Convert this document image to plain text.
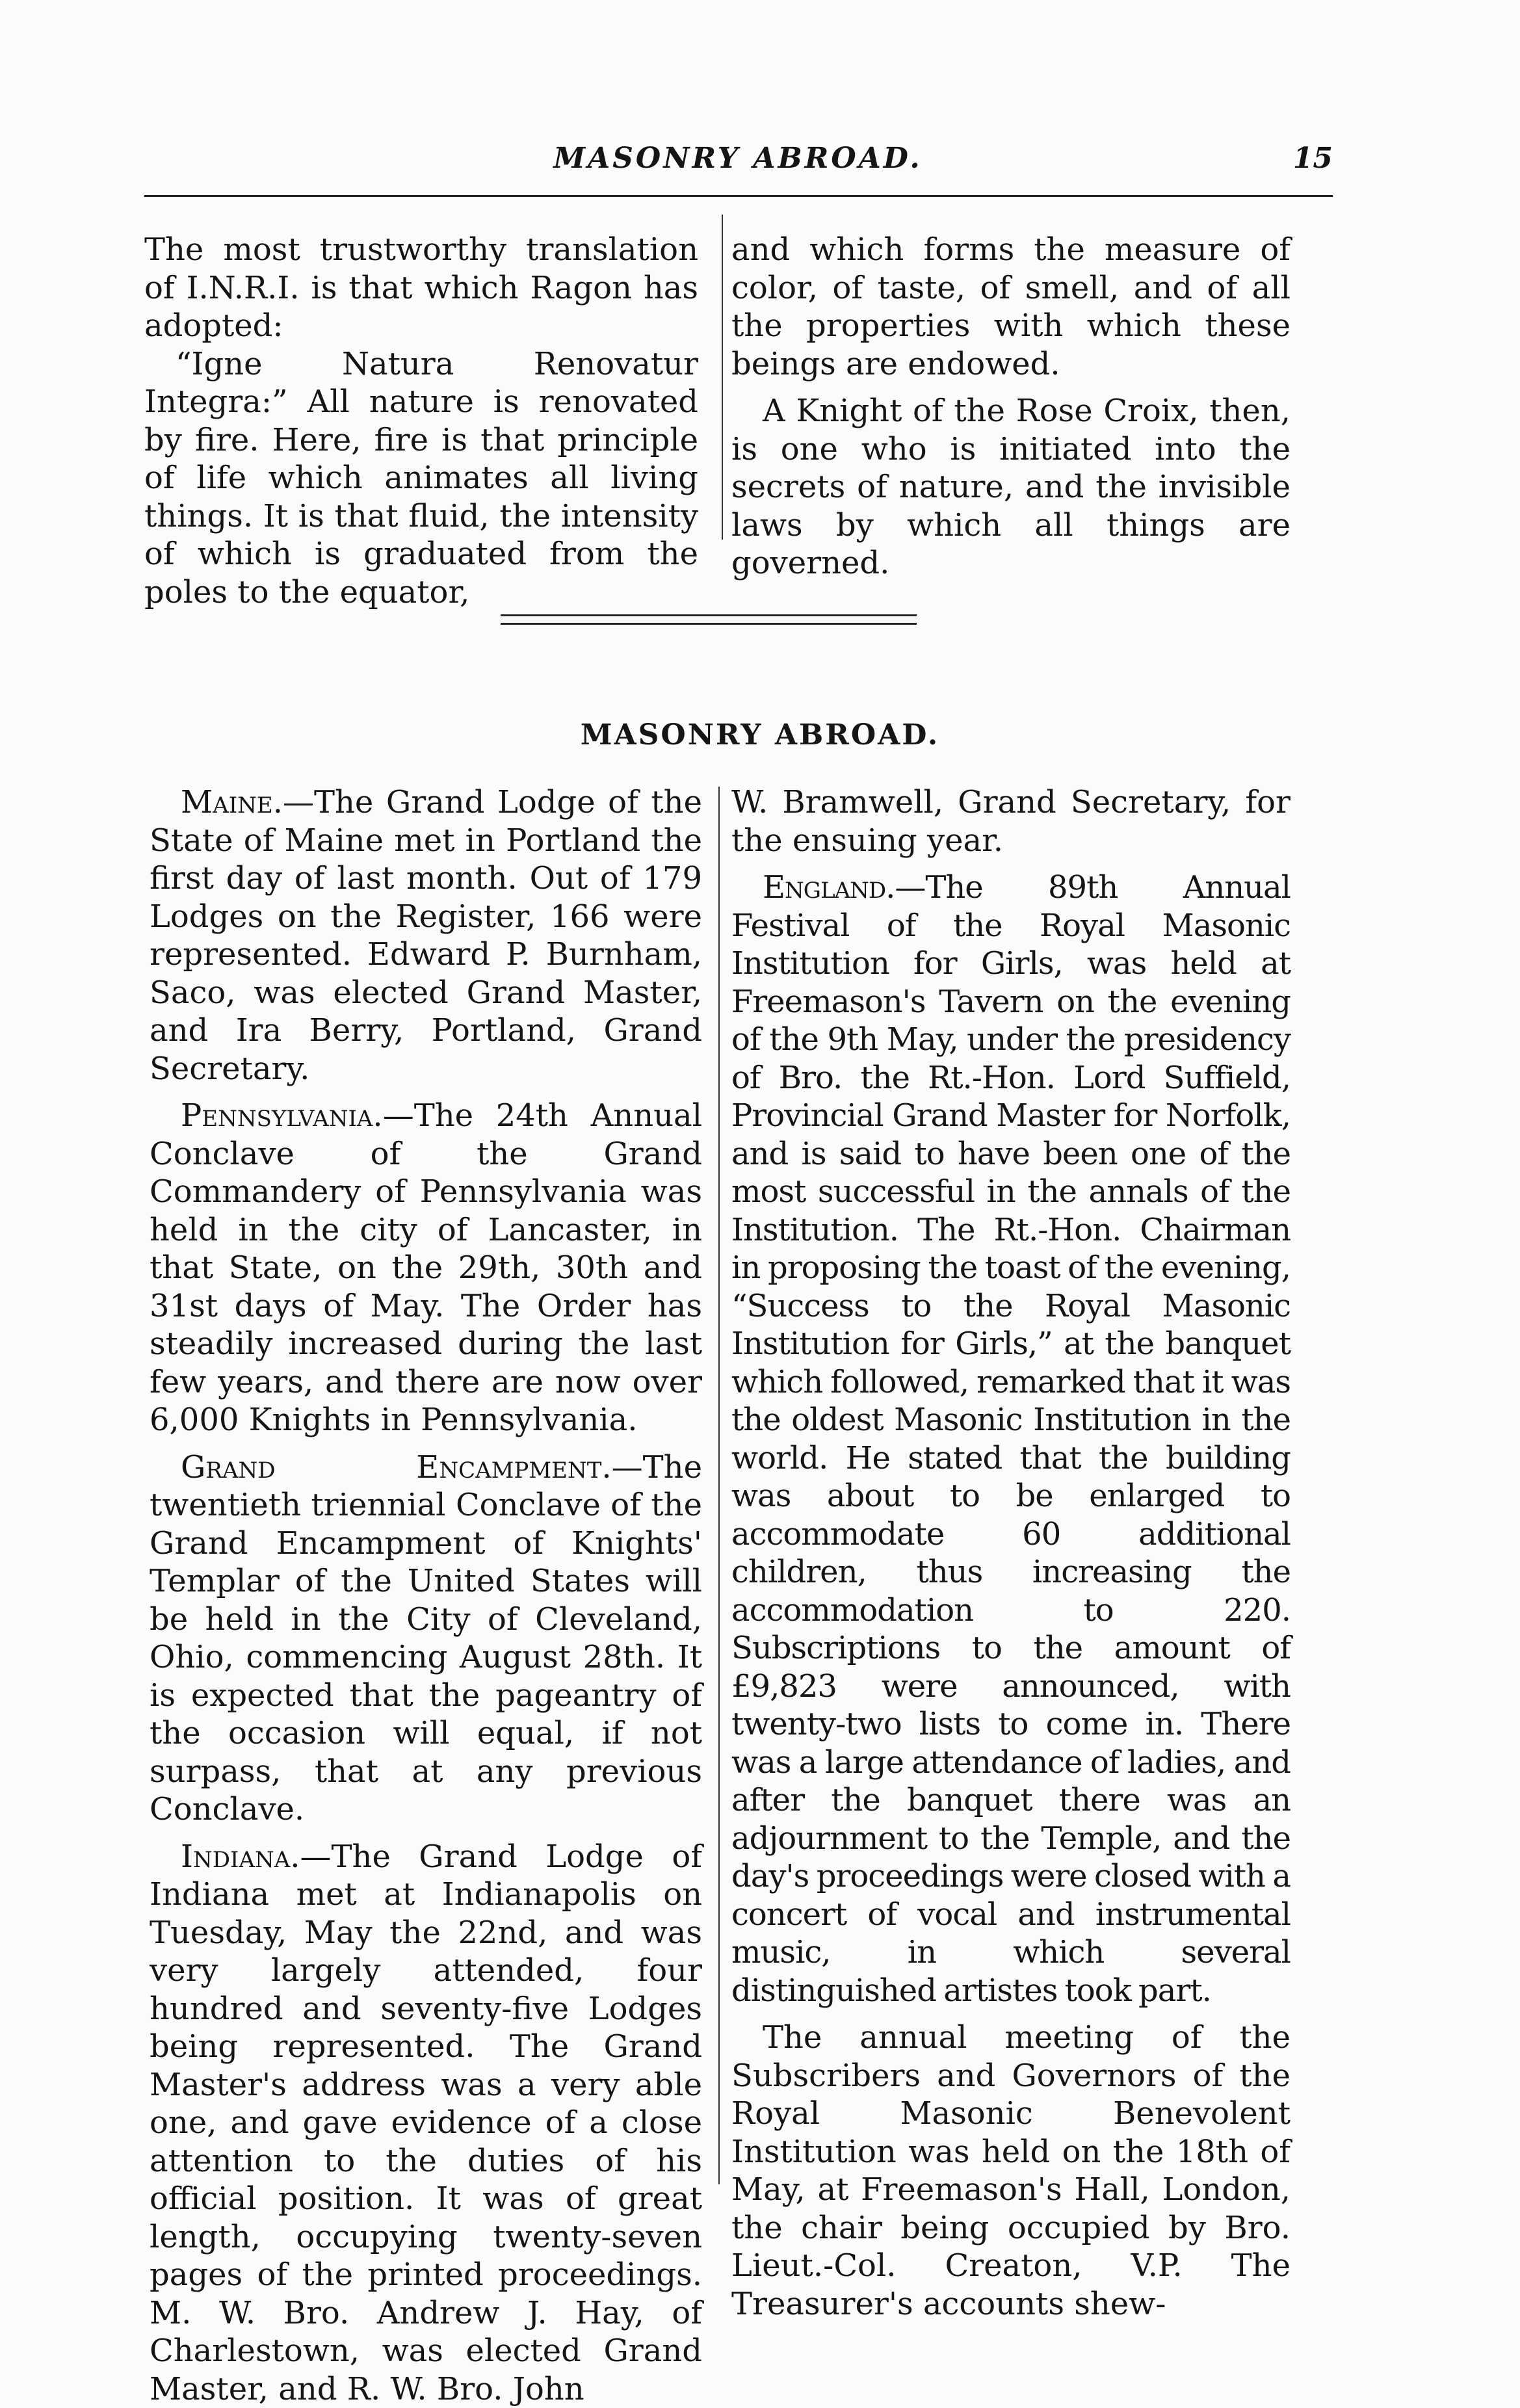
MASONRY ABROAD.	15

The most trustworthy translation of I.N.R.I. is that which Ragon has adopted:

“Igne Natura Renovatur Integra:” All nature is renovated by fire. Here, fire is that principle of life which animates all living things. It is that fluid, the intensity of which is graduated from the poles to the equator,

and which forms the measure of color, of taste, of smell, and of all the properties with which these beings are endowed.

A Knight of the Rose Croix, then, is one who is initiated into the secrets of nature, and the invisible laws by which all things are governed.

MASONRY ABROAD.

Maine.—The Grand Lodge of the State of Maine met in Portland the first day of last month. Out of 179 Lodges on the Register, 166 were represented. Edward P. Burnham, Saco, was elected Grand Master, and Ira Berry, Portland, Grand Secretary.

Pennsylvania.—The 24th Annual Conclave of the Grand Commandery of Pennsylvania was held in the city of Lancaster, in that State, on the 29th, 30th and 31st days of May. The Order has steadily increased during the last few years, and there are now over 6,000 Knights in Pennsylvania.

Grand Encampment.—The twentieth triennial Conclave of the Grand Encampment of Knights' Templar of the United States will be held in the City of Cleveland, Ohio, commencing August 28th. It is expected that the pageantry of the occasion will equal, if not surpass, that at any previous Conclave.

Indiana.—The Grand Lodge of Indiana met at Indianapolis on Tuesday, May the 22nd, and was very largely attended, four hundred and seventy-five Lodges being represented. The Grand Master's address was a very able one, and gave evidence of a close attention to the duties of his official position. It was of great length, occupying twenty-seven pages of the printed proceedings. M. W. Bro. Andrew J. Hay, of Charlestown, was elected Grand Master, and R. W. Bro. John

W. Bramwell, Grand Secretary, for the ensuing year.

England.—The 89th Annual Festival of the Royal Masonic Institution for Girls, was held at Freemason's Tavern on the evening of the 9th May, under the presidency of Bro. the Rt.-Hon. Lord Suffield, Provincial Grand Master for Norfolk, and is said to have been one of the most successful in the annals of the Institution. The Rt.-Hon. Chairman in proposing the toast of the evening, “Success to the Royal Masonic Institution for Girls,” at the banquet which followed, remarked that it was the oldest Masonic Institution in the world. He stated that the building was about to be enlarged to accommodate 60 additional children, thus increasing the accommodation to 220. Subscriptions to the amount of £9,823 were announced, with twenty-two lists to come in. There was a large attendance of ladies, and after the banquet there was an adjournment to the Temple, and the day's proceedings were closed with a concert of vocal and instrumental music, in which several distinguished artistes took part.

The annual meeting of the Subscribers and Governors of the Royal Masonic Benevolent Institution was held on the 18th of May, at Freemason's Hall, London, the chair being occupied by Bro. Lieut.-Col. Creaton, V.P. The Treasurer's accounts shew-
